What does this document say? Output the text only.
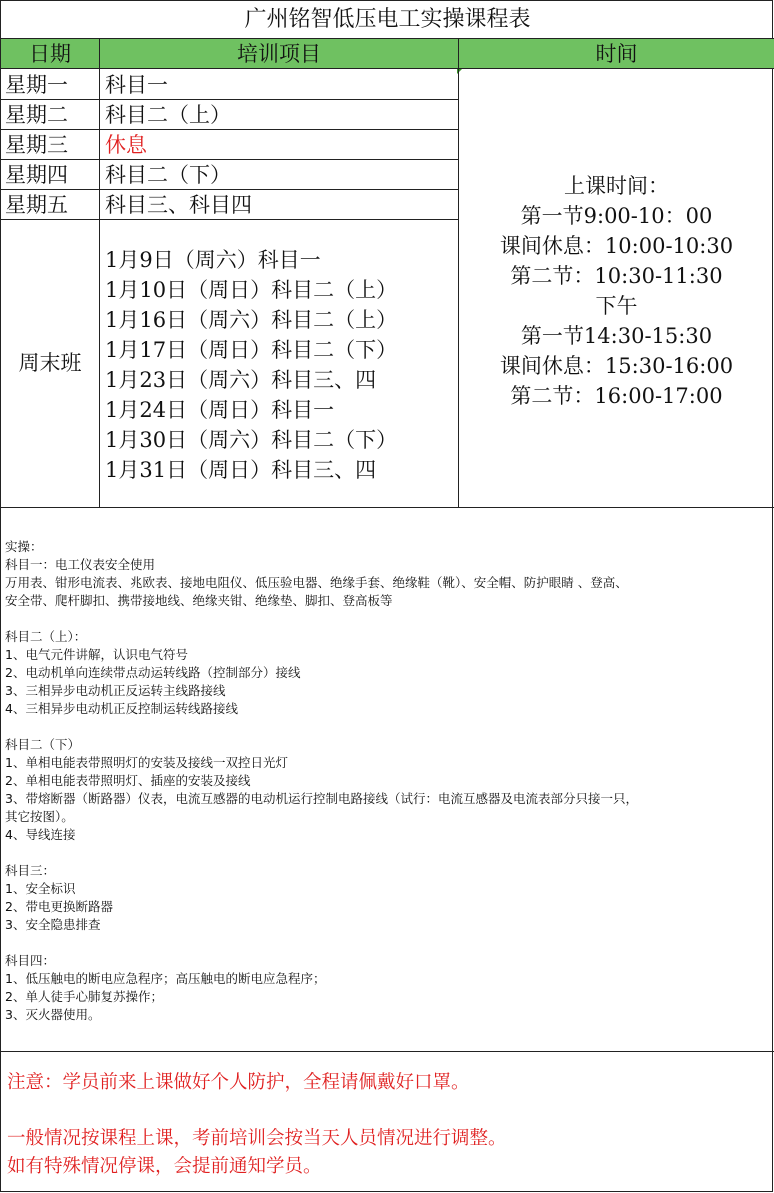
广州铭智低压电工实操课程表
日期	培训项目	时间
星期一 科目一
星期二 科目二（上）
星期三 休息
星期四 科目二（下）
星期五 科目三、科目四
周末班
1月9日（周六）科目一
1月10日（周日）科目二（上）
1月16日（周六）科目二（上）
1月17日（周日）科目二（下）
1月23日（周六）科目三、四
1月24日（周日）科目一
1月30日（周六）科目二（下）
1月31日（周日）科目三、四
上课时间：
第一节9:00-10：00
课间休息：10:00-10:30
第二节：10:30-11:30
下午
第一节14:30-15:30
课间休息：15:30-16:00
第二节：16:00-17:00
实操：
科目一：电工仪表安全使用
万用表、钳形电流表、兆欧表、接地电阻仪、低压验电器、绝缘手套、绝缘鞋（靴）、安全帽、防护眼睛 、登高、
安全带、爬杆脚扣、携带接地线、绝缘夹钳、绝缘垫、脚扣、登高板等
科目二（上）：
1、电气元件讲解，认识电气符号
2、电动机单向连续带点动运转线路（控制部分）接线
3、三相异步电动机正反运转主线路接线
4、三相异步电动机正反控制运转线路接线
科目二（下）
1、单相电能表带照明灯的安装及接线一双控日光灯
2、单相电能表带照明灯、插座的安装及接线
3、带熔断器（断路器）仪表，电流互感器的电动机运行控制电路接线（试行：电流互感器及电流表部分只接一只，
其它按图）。
4、导线连接
科目三：
1、安全标识
2、带电更换断路器
3、安全隐患排查
科目四：
1、低压触电的断电应急程序；高压触电的断电应急程序；
2、单人徒手心肺复苏操作；
3、灭火器使用。
注意：学员前来上课做好个人防护，全程请佩戴好口罩。
一般情况按课程上课，考前培训会按当天人员情况进行调整。
如有特殊情况停课，会提前通知学员。
